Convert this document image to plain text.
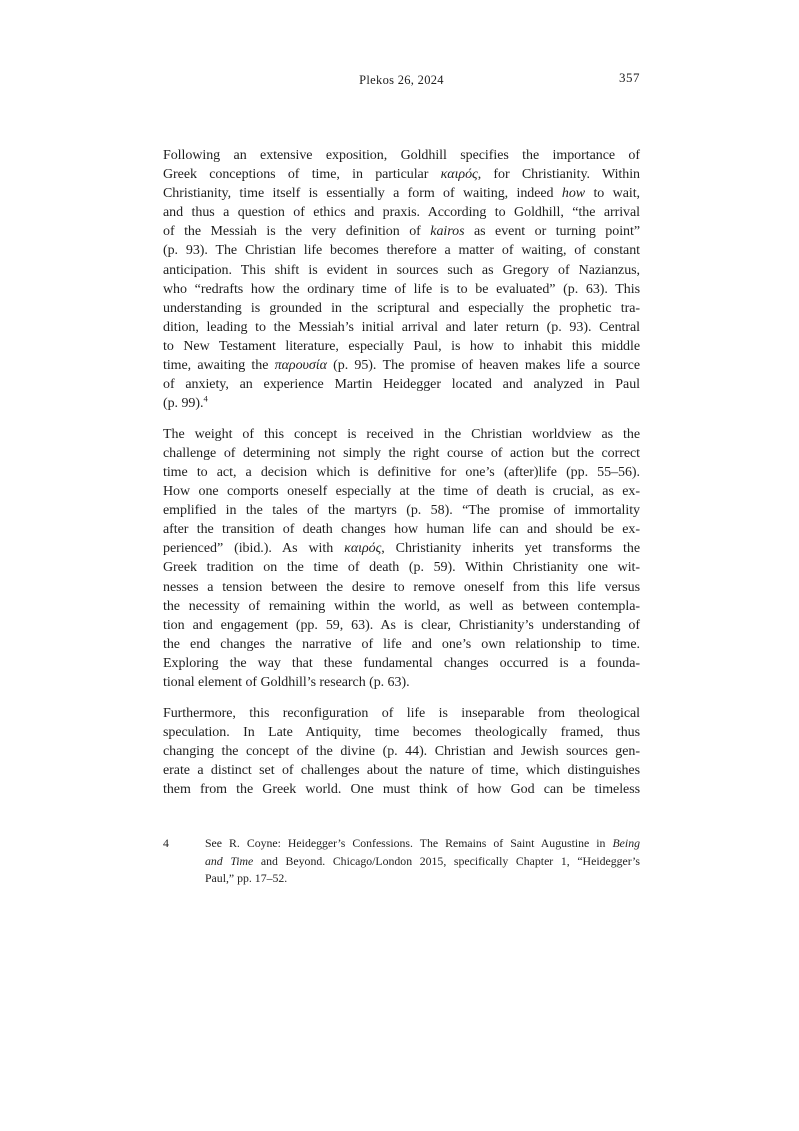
Plekos 26, 2024	357
Following an extensive exposition, Goldhill specifies the importance of
Greek conceptions of time, in particular καιρός, for Christianity. Within
Christianity, time itself is essentially a form of waiting, indeed how to wait,
and thus a question of ethics and praxis. According to Goldhill, “the arrival
of the Messiah is the very definition of kairos as event or turning point”
(p. 93). The Christian life becomes therefore a matter of waiting, of constant
anticipation. This shift is evident in sources such as Gregory of Nazianzus,
who “redrafts how the ordinary time of life is to be evaluated” (p. 63). This
understanding is grounded in the scriptural and especially the prophetic tra-
dition, leading to the Messiah’s initial arrival and later return (p. 93). Central
to New Testament literature, especially Paul, is how to inhabit this middle
time, awaiting the παρουσία (p. 95). The promise of heaven makes life a source
of anxiety, an experience Martin Heidegger located and analyzed in Paul
(p. 99).$^4$
The weight of this concept is received in the Christian worldview as the
challenge of determining not simply the right course of action but the correct
time to act, a decision which is definitive for one’s (after)life (pp. 55–56).
How one comports oneself especially at the time of death is crucial, as ex-
emplified in the tales of the martyrs (p. 58). “The promise of immortality
after the transition of death changes how human life can and should be ex-
perienced” (ibid.). As with καιρός, Christianity inherits yet transforms the
Greek tradition on the time of death (p. 59). Within Christianity one wit-
nesses a tension between the desire to remove oneself from this life versus
the necessity of remaining within the world, as well as between contempla-
tion and engagement (pp. 59, 63). As is clear, Christianity’s understanding of
the end changes the narrative of life and one’s own relationship to time.
Exploring the way that these fundamental changes occurred is a founda-
tional element of Goldhill’s research (p. 63).
Furthermore, this reconfiguration of life is inseparable from theological
speculation. In Late Antiquity, time becomes theologically framed, thus
changing the concept of the divine (p. 44). Christian and Jewish sources gen-
erate a distinct set of challenges about the nature of time, which distinguishes
them from the Greek world. One must think of how God can be timeless
4	See R. Coyne: Heidegger’s Confessions. The Remains of Saint Augustine in Being
and Time and Beyond. Chicago/London 2015, specifically Chapter 1, “Heidegger’s
Paul,” pp. 17–52.
